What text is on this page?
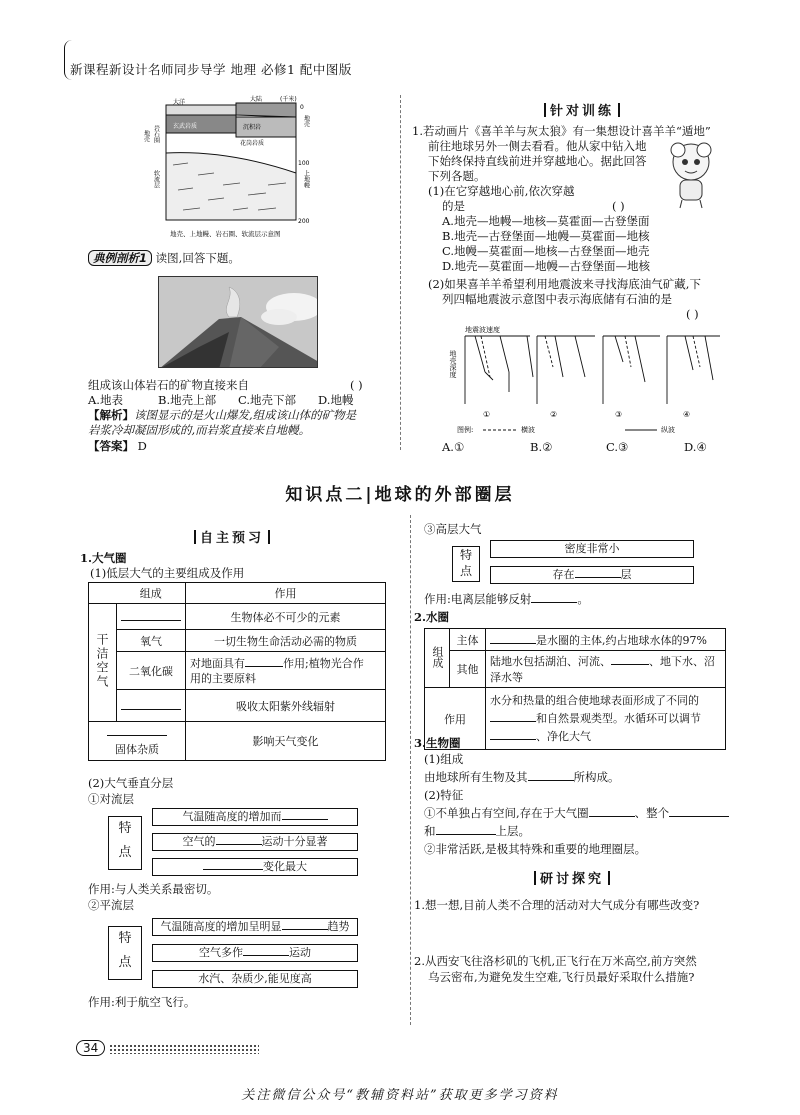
新课程新设计名师同步导学 地理 必修1 配中图版
大洋	大陆	(千米)
0
100
200
沉积岩
玄武岩质
花岗岩质
地壳 岩石圈
软流层
地壳
上地幔
地壳、上地幔、岩石圈、软流层示意图
典例剖析1 读图,回答下题。
组成该山体岩石的矿物直接来自	( )
A.地表	B.地壳上部 C.地壳下部 D.地幔
【解析】该图显示的是火山爆发,组成该山体的矿物是
岩浆冷却凝固形成的,而岩浆直接来自地幔。
【答案】 D
针对训练
1.若动画片《喜羊羊与灰太狼》有一集想设计喜羊羊“遁地”
前往地球另外一侧去看看。他从家中钻入地
下始终保持直线前进并穿越地心。据此回答
下列各题。
(1)在它穿越地心前,依次穿越
的是	( )
A.地壳—地幔—地核—莫霍面—古登堡面
B.地壳—古登堡面—地幔—莫霍面—地核
C.地幔—莫霍面—地核—古登堡面—地壳
D.地壳—莫霍面—地幔—古登堡面—地核
(2)如果喜羊羊希望利用地震波来寻找海底油气矿藏,下
列四幅地震波示意图中表示海底储有石油的是
( )
地震波速度
地壳深度
①	②	③	④
图例:	横波	纵波
A.①	B.②	C.③	D.④
知识点二|地球的外部圈层
自主预习
1.大气圈
(1)低层大气的主要组成及作用
	组成	作用
干洁空气		生物体必不可少的元素
	氧气	一切生物生命活动必需的物质
	二氧化碳	对地面具有 作用;植物光合作
用的主要原料
		吸收太阳紫外线辐射

固体杂质		影响天气变化
(2)大气垂直分层
①对流层
特
点
气温随高度的增加而
空气的	运动十分显著
变化最大
作用:与人类关系最密切。
②平流层
特
点
气温随高度的增加呈明显	趋势
空气多作	运动
水汽、杂质少,能见度高
作用:利于航空飞行。
③高层大气
特
点
密度非常小
存在	层
作用:电离层能够反射	。
2.水圈
组成	主体	是水圈的主体,约占地球水体的97%
	其他	陆地水包括湖泊、河流、 、地下水、沼泽水等
作用		水分和热量的组合使地球表面形成了不同的
和自然景观类型。水循环可以调节
、净化大气
3.生物圈
(1)组成
由地球所有生物及其	所构成。
(2)特征
①不单独占有空间,存在于大气圈	、整个
和	上层。
②非常活跃,是极其特殊和重要的地理圈层。
研讨探究
1.想一想,目前人类不合理的活动对大气成分有哪些改变?
2.从西安飞往洛杉矶的飞机,正飞行在万米高空,前方突然
乌云密布,为避免发生空难,飞行员最好采取什么措施?
34
关注微信公众号“教辅资料站”获取更多学习资料
